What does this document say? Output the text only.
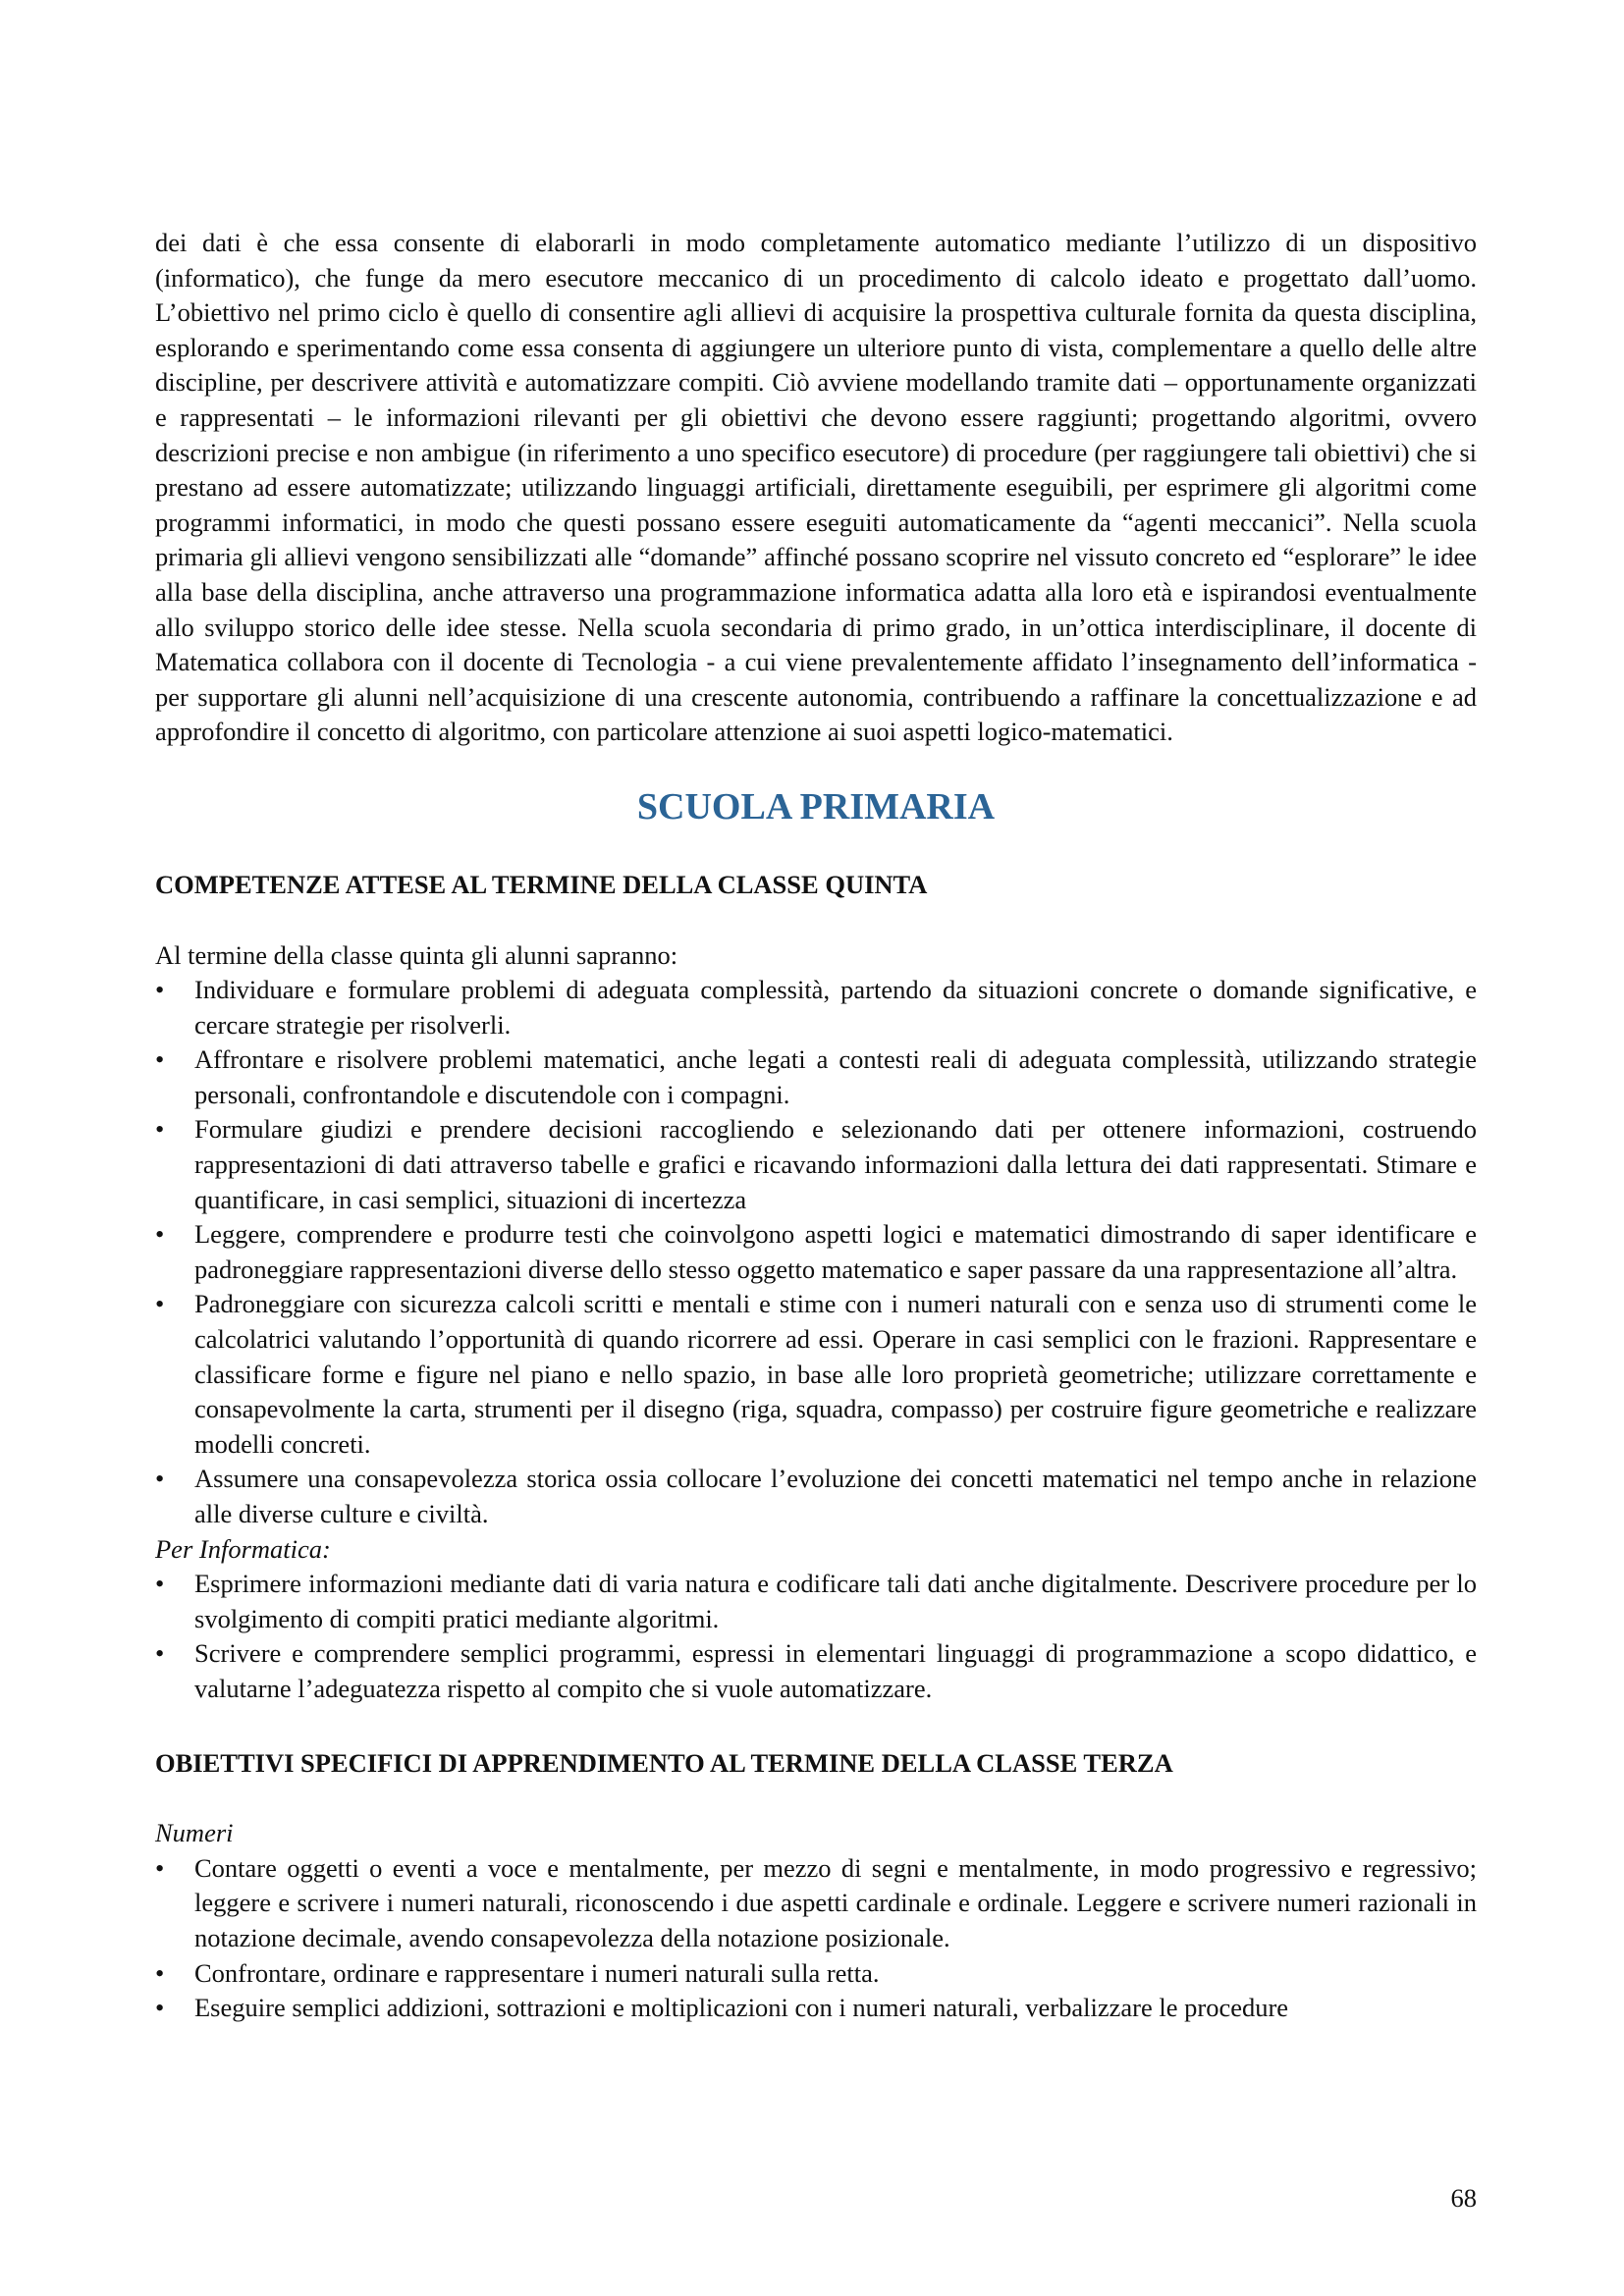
dei dati è che essa consente di elaborarli in modo completamente automatico mediante l’utilizzo di un dispositivo (informatico), che funge da mero esecutore meccanico di un procedimento di calcolo ideato e progettato dall’uomo. L’obiettivo nel primo ciclo è quello di consentire agli allievi di acquisire la prospettiva culturale fornita da questa disciplina, esplorando e sperimentando come essa consenta di aggiungere un ulteriore punto di vista, complementare a quello delle altre discipline, per descrivere attività e automatizzare compiti. Ciò avviene modellando tramite dati – opportunamente organizzati e rappresentati – le informazioni rilevanti per gli obiettivi che devono essere raggiunti; progettando algoritmi, ovvero descrizioni precise e non ambigue (in riferimento a uno specifico esecutore) di procedure (per raggiungere tali obiettivi) che si prestano ad essere automatizzate; utilizzando linguaggi artificiali, direttamente eseguibili, per esprimere gli algoritmi come programmi informatici, in modo che questi possano essere eseguiti automaticamente da “agenti meccanici”. Nella scuola primaria gli allievi vengono sensibilizzati alle “domande” affinché possano scoprire nel vissuto concreto ed “esplorare” le idee alla base della disciplina, anche attraverso una programmazione informatica adatta alla loro età e ispirandosi eventualmente allo sviluppo storico delle idee stesse. Nella scuola secondaria di primo grado, in un’ottica interdisciplinare, il docente di Matematica collabora con il docente di Tecnologia - a cui viene prevalentemente affidato l’insegnamento dell’informatica - per supportare gli alunni nell’acquisizione di una crescente autonomia, contribuendo a raffinare la concettualizzazione e ad approfondire il concetto di algoritmo, con particolare attenzione ai suoi aspetti logico-matematici.

SCUOLA PRIMARIA
COMPETENZE ATTESE AL TERMINE DELLA CLASSE QUINTA

Al termine della classe quinta gli alunni sapranno:

• Individuare e formulare problemi di adeguata complessità, partendo da situazioni concrete o domande significative, e cercare strategie per risolverli.
• Affrontare e risolvere problemi matematici, anche legati a contesti reali di adeguata complessità, utilizzando strategie personali, confrontandole e discutendole con i compagni.
• Formulare giudizi e prendere decisioni raccogliendo e selezionando dati per ottenere informazioni, costruendo rappresentazioni di dati attraverso tabelle e grafici e ricavando informazioni dalla lettura dei dati rappresentati. Stimare e quantificare, in casi semplici, situazioni di incertezza
• Leggere, comprendere e produrre testi che coinvolgono aspetti logici e matematici dimostrando di saper identificare e padroneggiare rappresentazioni diverse dello stesso oggetto matematico e saper passare da una rappresentazione all’altra.
• Padroneggiare con sicurezza calcoli scritti e mentali e stime con i numeri naturali con e senza uso di strumenti come le calcolatrici valutando l’opportunità di quando ricorrere ad essi. Operare in casi semplici con le frazioni. Rappresentare e classificare forme e figure nel piano e nello spazio, in base alle loro proprietà geometriche; utilizzare correttamente e consapevolmente la carta, strumenti per il disegno (riga, squadra, compasso) per costruire figure geometriche e realizzare modelli concreti.
• Assumere una consapevolezza storica ossia collocare l’evoluzione dei concetti matematici nel tempo anche in relazione alle diverse culture e civiltà.

Per Informatica:

• Esprimere informazioni mediante dati di varia natura e codificare tali dati anche digitalmente. Descrivere procedure per lo svolgimento di compiti pratici mediante algoritmi.
• Scrivere e comprendere semplici programmi, espressi in elementari linguaggi di programmazione a scopo didattico, e valutarne l’adeguatezza rispetto al compito che si vuole automatizzare.
OBIETTIVI SPECIFICI DI APPRENDIMENTO AL TERMINE DELLA CLASSE TERZA

Numeri

• Contare oggetti o eventi a voce e mentalmente, per mezzo di segni e mentalmente, in modo progressivo e regressivo; leggere e scrivere i numeri naturali, riconoscendo i due aspetti cardinale e ordinale. Leggere e scrivere numeri razionali in notazione decimale, avendo consapevolezza della notazione posizionale.
• Confrontare, ordinare e rappresentare i numeri naturali sulla retta.
• Eseguire semplici addizioni, sottrazioni e moltiplicazioni con i numeri naturali, verbalizzare le procedure
68
